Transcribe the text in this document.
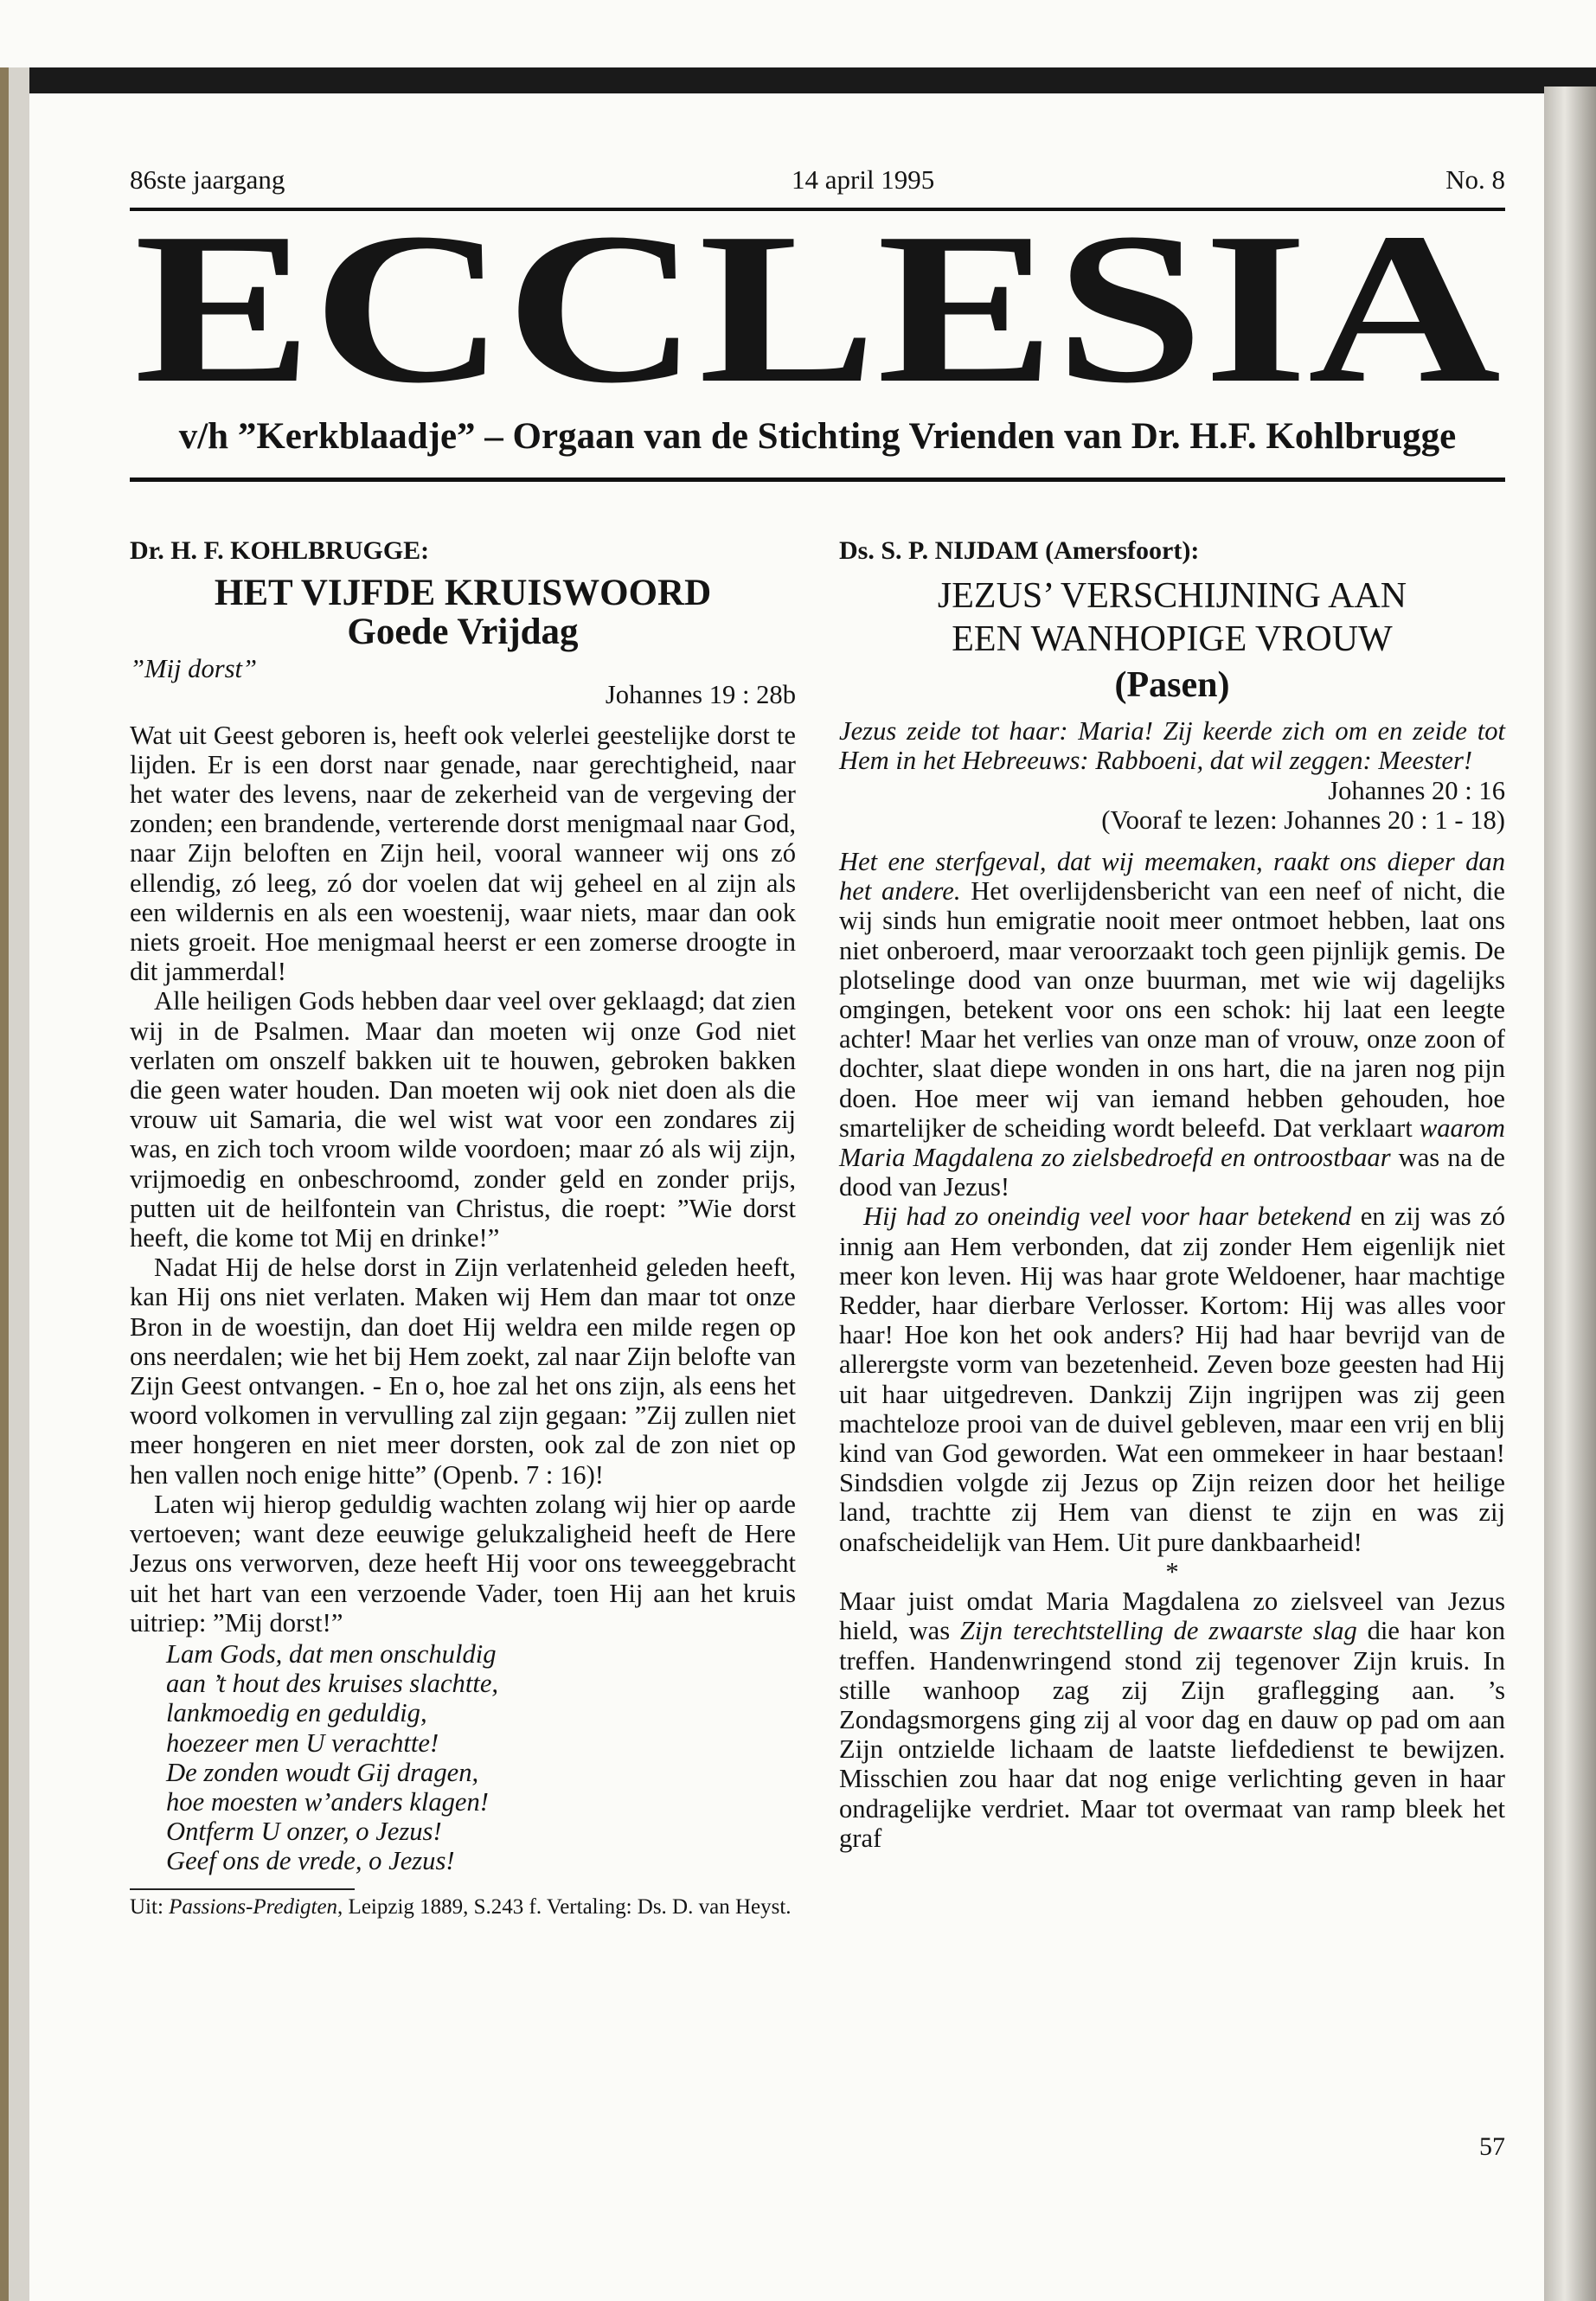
86ste jaargang	14 april 1995	No. 8
ECCLESIA
v/h ”Kerkblaadje” – Orgaan van de Stichting Vrienden van Dr. H.F. Kohlbrugge
Dr. H. F. KOHLBRUGGE:
HET VIJFDE KRUISWOORD
Goede Vrijdag
”Mij dorst”
Johannes 19 : 28b

Wat uit Geest geboren is, heeft ook velerlei geestelijke dorst te lijden. Er is een dorst naar genade, naar gerechtigheid, naar het water des levens, naar de zekerheid van de vergeving der zonden; een brandende, verterende dorst menigmaal naar God, naar Zijn beloften en Zijn heil, vooral wanneer wij ons zó ellendig, zó leeg, zó dor voelen dat wij geheel en al zijn als een wildernis en als een woestenij, waar niets, maar dan ook niets groeit. Hoe menigmaal heerst er een zomerse droogte in dit jammerdal!

Alle heiligen Gods hebben daar veel over geklaagd; dat zien wij in de Psalmen. Maar dan moeten wij onze God niet verlaten om onszelf bakken uit te houwen, gebroken bakken die geen water houden. Dan moeten wij ook niet doen als die vrouw uit Samaria, die wel wist wat voor een zondares zij was, en zich toch vroom wilde voordoen; maar zó als wij zijn, vrijmoedig en onbeschroomd, zonder geld en zonder prijs, putten uit de heilfontein van Christus, die roept: ”Wie dorst heeft, die kome tot Mij en drinke!”

Nadat Hij de helse dorst in Zijn verlatenheid geleden heeft, kan Hij ons niet verlaten. Maken wij Hem dan maar tot onze Bron in de woestijn, dan doet Hij weldra een milde regen op ons neerdalen; wie het bij Hem zoekt, zal naar Zijn belofte van Zijn Geest ontvangen. - En o, hoe zal het ons zijn, als eens het woord volkomen in vervulling zal zijn gegaan: ”Zij zullen niet meer hongeren en niet meer dorsten, ook zal de zon niet op hen vallen noch enige hitte” (Openb. 7 : 16)!

Laten wij hierop geduldig wachten zolang wij hier op aarde vertoeven; want deze eeuwige gelukzaligheid heeft de Here Jezus ons verworven, deze heeft Hij voor ons teweeggebracht uit het hart van een verzoende Vader, toen Hij aan het kruis uitriep: ”Mij dorst!”

Lam Gods, dat men onschuldig
aan ’t hout des kruises slachtte,
lankmoedig en geduldig,
hoezeer men U verachtte!
De zonden woudt Gij dragen,
hoe moesten w’anders klagen!
Ontferm U onzer, o Jezus!
Geef ons de vrede, o Jezus!
Uit: Passions-Predigten, Leipzig 1889, S.243 f. Vertaling: Ds. D. van Heyst.
Ds. S. P. NIJDAM (Amersfoort):
JEZUS’ VERSCHIJNING AAN
EEN WANHOPIGE VROUW
(Pasen)

Jezus zeide tot haar: Maria! Zij keerde zich om en zeide tot Hem in het Hebreeuws: Rabboeni, dat wil zeggen: Meester!

Johannes 20 : 16
(Vooraf te lezen: Johannes 20 : 1 - 18)

Het ene sterfgeval, dat wij meemaken, raakt ons dieper dan het andere. Het overlijdensbericht van een neef of nicht, die wij sinds hun emigratie nooit meer ontmoet hebben, laat ons niet onberoerd, maar veroorzaakt toch geen pijnlijk gemis. De plotselinge dood van onze buurman, met wie wij dagelijks omgingen, betekent voor ons een schok: hij laat een leegte achter! Maar het verlies van onze man of vrouw, onze zoon of dochter, slaat diepe wonden in ons hart, die na jaren nog pijn doen. Hoe meer wij van iemand hebben gehouden, hoe smartelijker de scheiding wordt beleefd. Dat verklaart waarom Maria Magdalena zo zielsbedroefd en ontroostbaar was na de dood van Jezus!

Hij had zo oneindig veel voor haar betekend en zij was zó innig aan Hem verbonden, dat zij zonder Hem eigenlijk niet meer kon leven. Hij was haar grote Weldoener, haar machtige Redder, haar dierbare Verlosser. Kortom: Hij was alles voor haar! Hoe kon het ook anders? Hij had haar bevrijd van de allerergste vorm van bezetenheid. Zeven boze geesten had Hij uit haar uitgedreven. Dankzij Zijn ingrijpen was zij geen machteloze prooi van de duivel gebleven, maar een vrij en blij kind van God geworden. Wat een ommekeer in haar bestaan! Sindsdien volgde zij Jezus op Zijn reizen door het heilige land, trachtte zij Hem van dienst te zijn en was zij onafscheidelijk van Hem. Uit pure dankbaarheid!

*

Maar juist omdat Maria Magdalena zo zielsveel van Jezus hield, was Zijn terechtstelling de zwaarste slag die haar kon treffen. Handenwringend stond zij tegenover Zijn kruis. In stille wanhoop zag zij Zijn graflegging aan. ’s Zondagsmorgens ging zij al voor dag en dauw op pad om aan Zijn ontzielde lichaam de laatste liefdedienst te bewijzen. Misschien zou haar dat nog enige verlichting geven in haar ondragelijke verdriet. Maar tot overmaat van ramp bleek het graf

57
